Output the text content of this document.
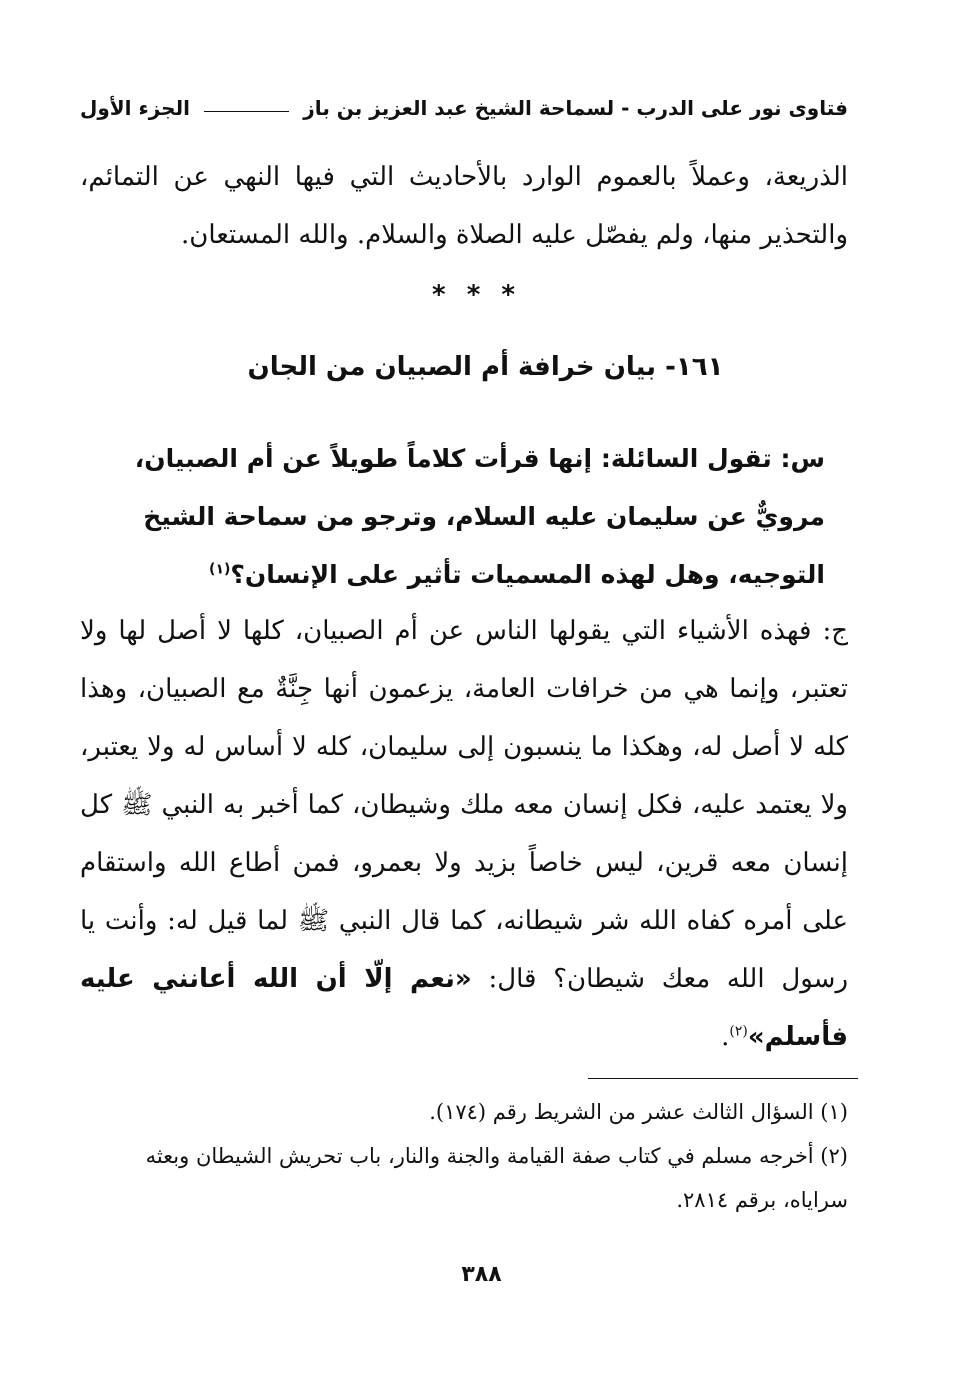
فتاوى نور على الدرب - لسماحة الشيخ عبد العزيز بن باز
الجزء الأول
الذريعة، وعملاً بالعموم الوارد بالأحاديث التي فيها النهي عن التمائم، والتحذير منها، ولم يفصّل عليه الصلاة والسلام. والله المستعان.
* * *
١٦١- بيان خرافة أم الصبيان من الجان
س: تقول السائلة: إنها قرأت كلاماً طويلاً عن أم الصبيان، مرويٌّ عن سليمان عليه السلام، وترجو من سماحة الشيخ التوجيه، وهل لهذه المسميات تأثير على الإنسان؟$^{(١)}$
ج: فهذه الأشياء التي يقولها الناس عن أم الصبيان، كلها لا أصل لها ولا تعتبر، وإنما هي من خرافات العامة، يزعمون أنها جِنَّةٌ مع الصبيان، وهذا كله لا أصل له، وهكذا ما ينسبون إلى سليمان، كله لا أساس له ولا يعتبر، ولا يعتمد عليه، فكل إنسان معه ملك وشيطان، كما أخبر به النبي ﷺ كل إنسان معه قرين، ليس خاصاً بزيد ولا بعمرو، فمن أطاع الله واستقام على أمره كفاه الله شر شيطانه، كما قال النبي ﷺ لما قيل له: وأنت يا رسول الله معك شيطان؟ قال: «نعم إلّا أن الله أعانني عليه فأسلم»$^{(٢)}$.

(١) السؤال الثالث عشر من الشريط رقم (١٧٤).

(٢) أخرجه مسلم في كتاب صفة القيامة والجنة والنار، باب تحريش الشيطان وبعثه سراياه، برقم ٢٨١٤.

٣٨٨
